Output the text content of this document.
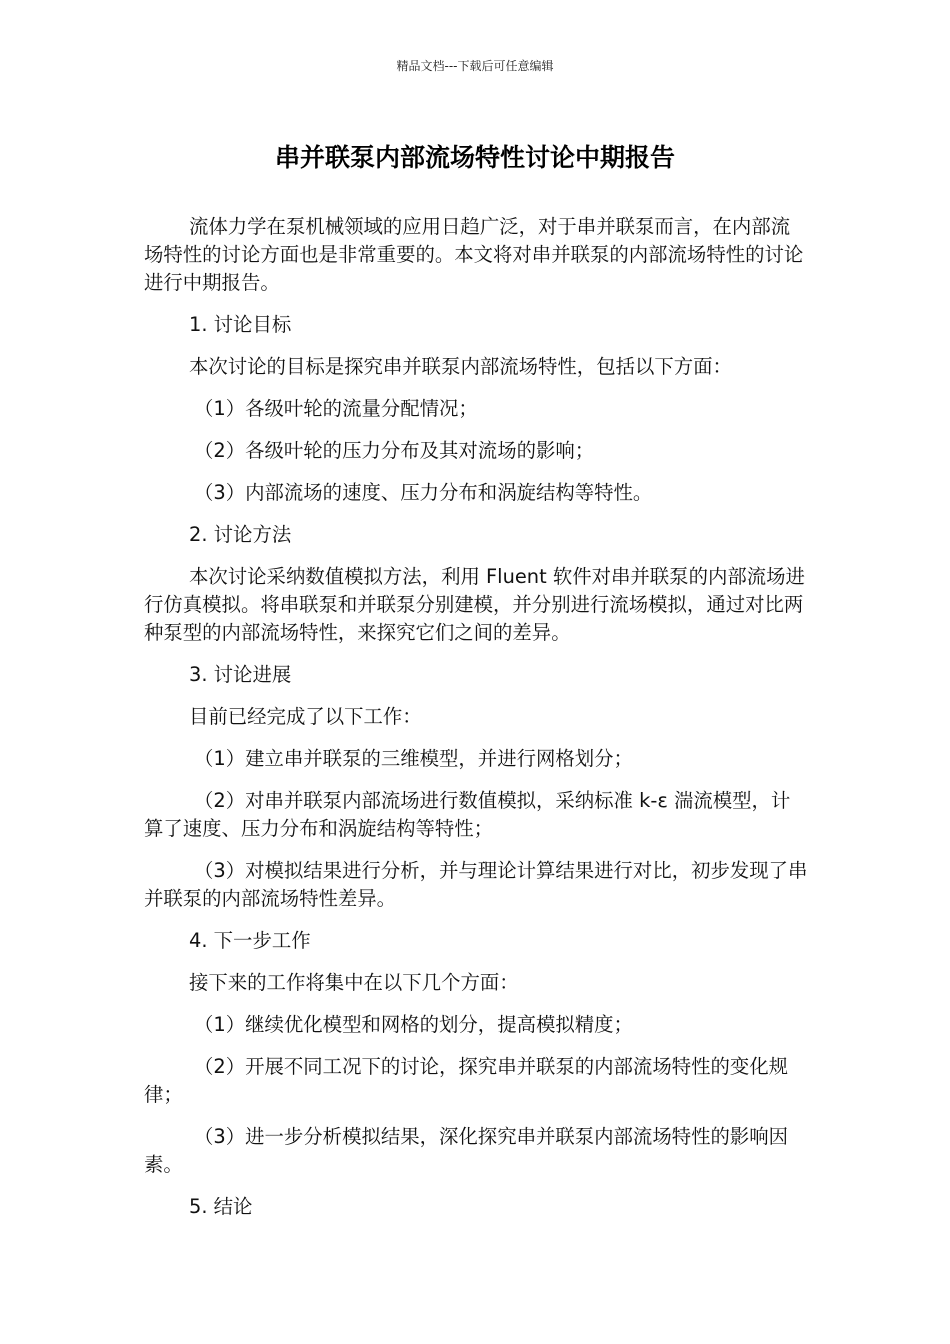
精品文档---下载后可任意编辑
串并联泵内部流场特性讨论中期报告

流体力学在泵机械领域的应用日趋广泛，对于串并联泵而言，在内部流场特性的讨论方面也是非常重要的。本文将对串并联泵的内部流场特性的讨论进行中期报告。

1. 讨论目标

本次讨论的目标是探究串并联泵内部流场特性，包括以下方面：

（1）各级叶轮的流量分配情况；

（2）各级叶轮的压力分布及其对流场的影响；

（3）内部流场的速度、压力分布和涡旋结构等特性。

2. 讨论方法

本次讨论采纳数值模拟方法，利用 Fluent 软件对串并联泵的内部流场进行仿真模拟。将串联泵和并联泵分别建模，并分别进行流场模拟，通过对比两种泵型的内部流场特性，来探究它们之间的差异。

3. 讨论进展

目前已经完成了以下工作：

（1）建立串并联泵的三维模型，并进行网格划分；

（2）对串并联泵内部流场进行数值模拟，采纳标准 k-ε 湍流模型，计算了速度、压力分布和涡旋结构等特性；

（3）对模拟结果进行分析，并与理论计算结果进行对比，初步发现了串并联泵的内部流场特性差异。

4. 下一步工作

接下来的工作将集中在以下几个方面：

（1）继续优化模型和网格的划分，提高模拟精度；

（2）开展不同工况下的讨论，探究串并联泵的内部流场特性的变化规律；

（3）进一步分析模拟结果，深化探究串并联泵内部流场特性的影响因素。

5. 结论
